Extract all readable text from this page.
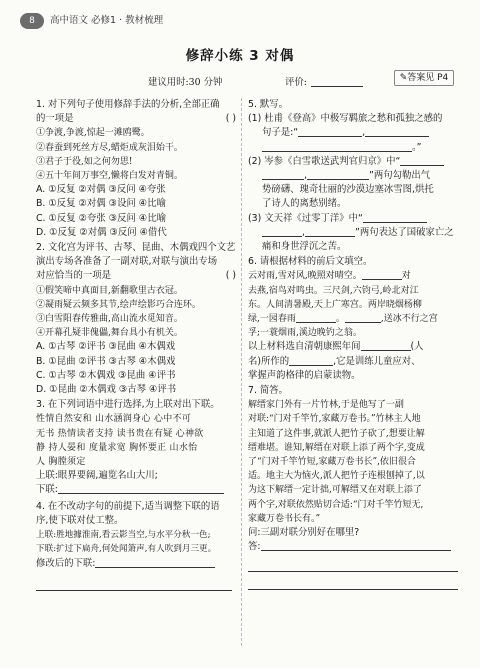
8	高中语文 必修1 · 教材梳理
修辞小练 3 对偶
建议用时:30 分钟	评价:	✎答案见 P4

1. 对下列句子使用修辞手法的分析,全部正确

的一项是	( )

①争渡,争渡,惊起一滩鸥鹭。

②春蚕到死丝方尽,蜡炬成灰泪始干。

③君子于役,如之何勿思!

④五十年间万事空,懒将白发对青铜。

A. ①反复 ②对偶 ③反问 ④夸张

B. ①反复 ②对偶 ③设问 ④比喻

C. ①反复 ②夸张 ③反问 ④比喻

D. ①反复 ②对偶 ③反问 ④借代

2. 文化宫为评书、古琴、昆曲、木偶戏四个文艺

演出专场各准备了一副对联,对联与演出专场

对应恰当的一项是	( )

①假笑啼中真面目,新翻歌里古衣冠。

②凝雨疑云频多其节,绘声绘影巧合连环。

③白雪阳春传雅曲,高山流水觅知音。

④开幕孔疑非傀儡,舞台具小有机关。

A. ①古琴 ②评书 ③昆曲 ④木偶戏

B. ①昆曲 ②评书 ③古琴 ④木偶戏

C. ①古琴 ②木偶戏 ③昆曲 ④评书

D. ①昆曲 ②木偶戏 ③古琴 ④评书

3. 在下列词语中进行选择,为上联对出下联。

性情自然安和 山水涵润身心 心中不可

无书 热情读者支持 读书贵在有疑 心神欲

静 持人晏和 度量求宽 胸怀要正 山水怡

人 胸膛须定

上联:眼界要阔,遍览名山大川;

下联:

4. 在不改动字句的前提下,适当调整下联的语

序,使下联对仗工整。

上联:胜地據淮南,看云影当空,与水平分秋一色;

下联:扩过下扁舟,何处闻箫声,有人吹到月三更。

修改后的下联:

5. 默写。

(1) 杜甫《登高》中极写羁旅之愁和孤独之感的

句子是:“	,

。”

(2) 岑参《白雪歌送武判官归京》中“

,	”两句勾勒出气

势磅礴、瑰奇壮丽的沙漠边塞冰雪图,烘托

了诗人的离愁别绪。

(3) 文天祥《过零丁洋》中“

,	”两句表达了国破家亡之

痛和身世浮沉之苦。

6. 请根据材料的前后文填空。

云对雨,雪对风,晚照对晴空。	对

去燕,宿鸟对鸣虫。三尺剑,六钧弓,岭北对江

东。人间清暑殿,天上广寒宫。两岸晓烟杨柳

绿,一园春雨	。	,送冰不行之宫

孚;一蓑烟雨,溪边晚钓之翁。

以上材料选自清朝康熙年间	(人

名)所作的	,它是训练儿童应对、

掌握声韵格律的启蒙读物。

7. 简答。

解缙家门外有一片竹林,于是他写了一副

对联:“门对千竿竹,家藏万卷书。”竹林主人地

主知道了这件事,就派人把竹子砍了,想要让解

缙难堪。谁知,解缙在对联上添了两个字,变成

了“门对千竿竹短,家藏万卷书长”,依旧很合

适。地主大为恼火,派人把竹子连根刨掉了,以

为这下解缙一定计拙,可解缙又在对联上添了

两个字,对联依然贴切合适:“门对千竿竹短无,

家藏万卷书长有。”

问:三副对联分别好在哪里?

答:
